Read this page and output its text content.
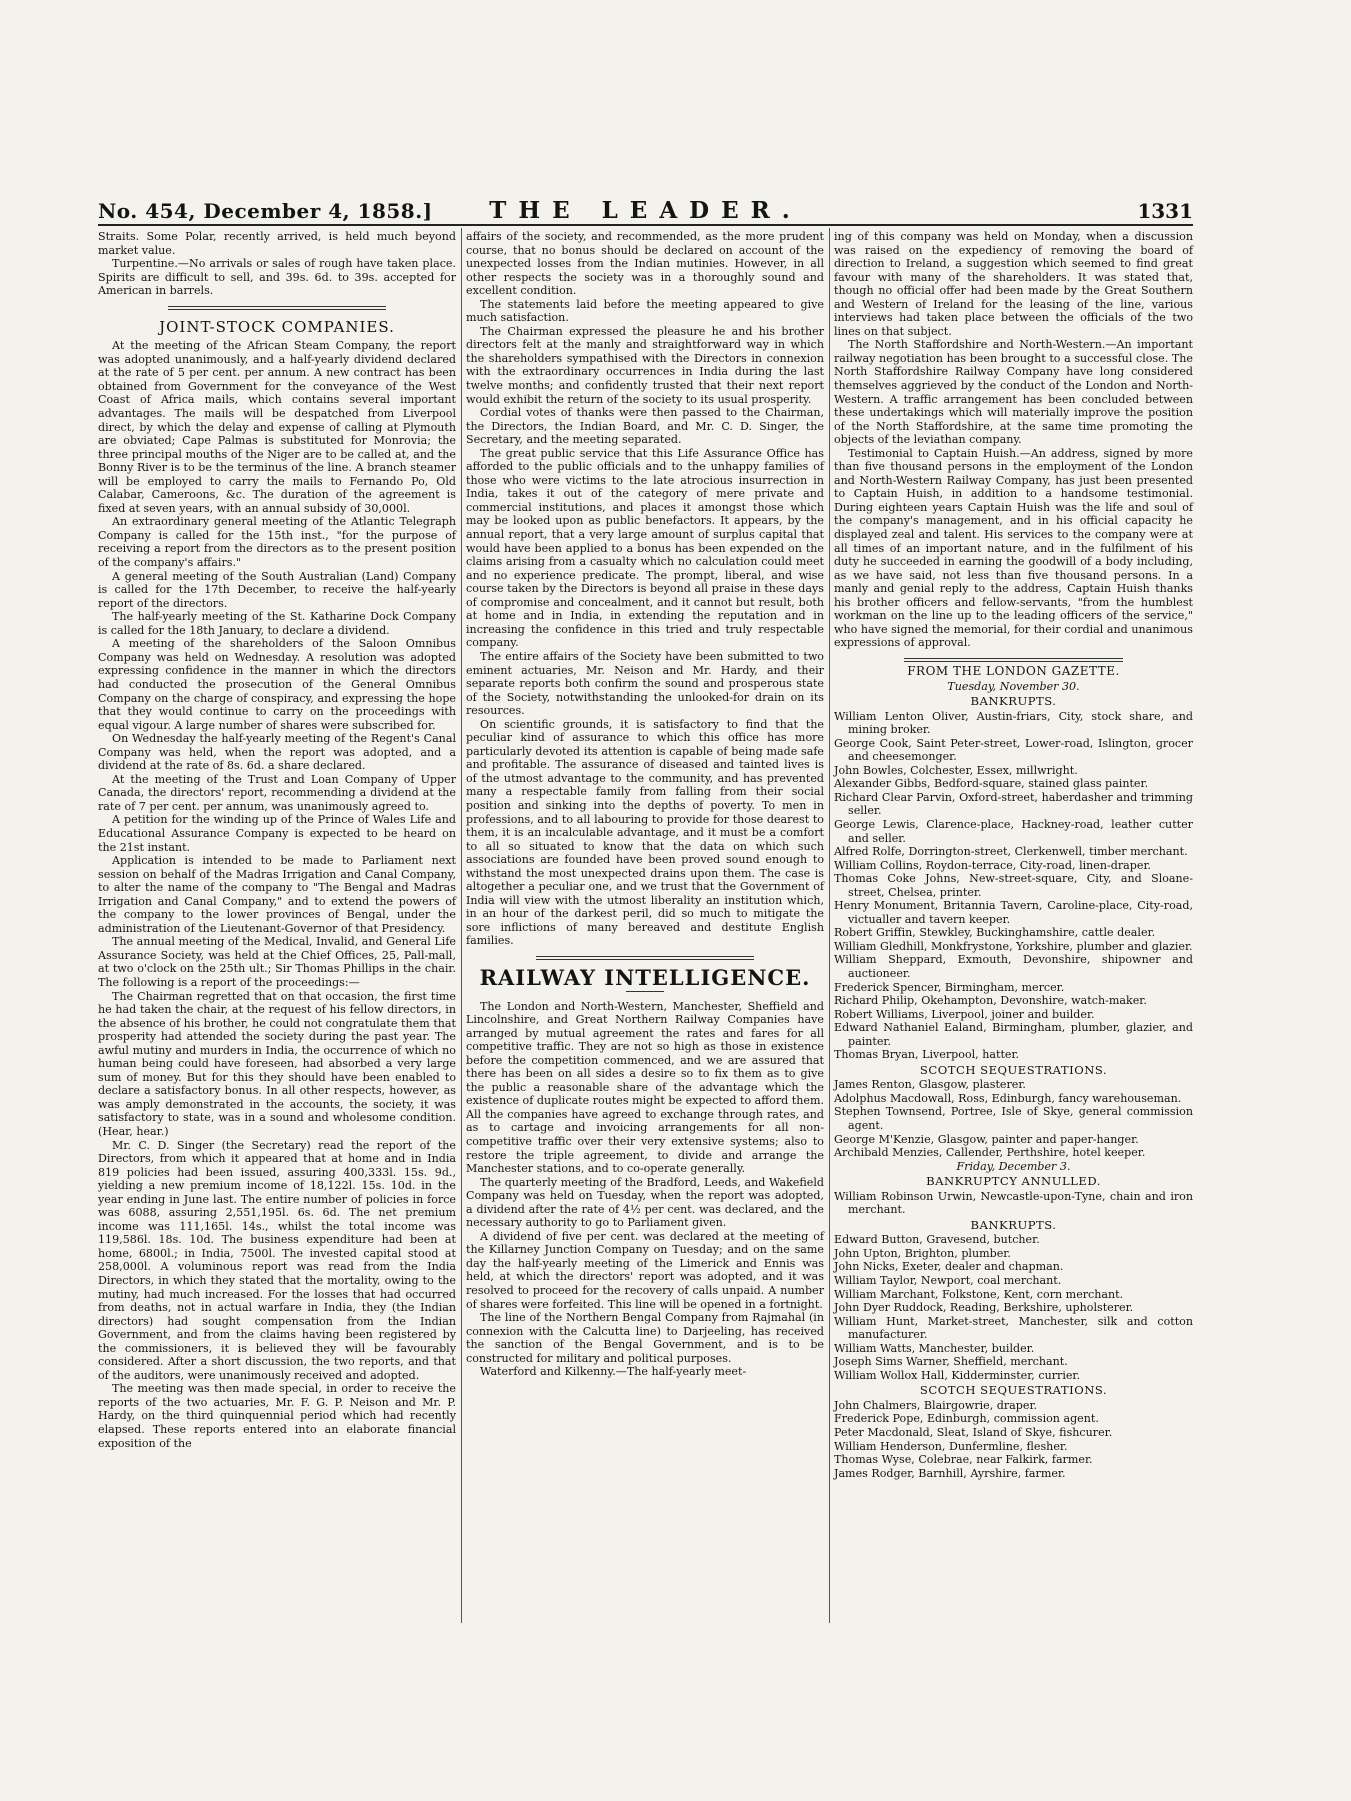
No. 454, December 4, 1858.]	THE LEADER.	1331

Straits. Some Polar, recently arrived, is held much beyond market value.

Turpentine.—No arrivals or sales of rough have taken place. Spirits are difficult to sell, and 39s. 6d. to 39s. accepted for American in barrels.

JOINT-STOCK COMPANIES.

At the meeting of the African Steam Company, the report was adopted unanimously, and a half-yearly dividend declared at the rate of 5 per cent. per annum. A new contract has been obtained from Government for the conveyance of the West Coast of Africa mails, which contains several important advantages. The mails will be despatched from Liverpool direct, by which the delay and expense of calling at Plymouth are obviated; Cape Palmas is substituted for Monrovia; the three principal mouths of the Niger are to be called at, and the Bonny River is to be the terminus of the line. A branch steamer will be employed to carry the mails to Fernando Po, Old Calabar, Cameroons, &c. The duration of the agreement is fixed at seven years, with an annual subsidy of 30,000l.

An extraordinary general meeting of the Atlantic Telegraph Company is called for the 15th inst., "for the purpose of receiving a report from the directors as to the present position of the company's affairs."

A general meeting of the South Australian (Land) Company is called for the 17th December, to receive the half-yearly report of the directors.

The half-yearly meeting of the St. Katharine Dock Company is called for the 18th January, to declare a dividend.

A meeting of the shareholders of the Saloon Omnibus Company was held on Wednesday. A resolution was adopted expressing confidence in the manner in which the directors had conducted the prosecution of the General Omnibus Company on the charge of conspiracy, and expressing the hope that they would continue to carry on the proceedings with equal vigour. A large number of shares were subscribed for.

On Wednesday the half-yearly meeting of the Regent's Canal Company was held, when the report was adopted, and a dividend at the rate of 8s. 6d. a share declared.

At the meeting of the Trust and Loan Company of Upper Canada, the directors' report, recommending a dividend at the rate of 7 per cent. per annum, was unanimously agreed to.

A petition for the winding up of the Prince of Wales Life and Educational Assurance Company is expected to be heard on the 21st instant.

Application is intended to be made to Parliament next session on behalf of the Madras Irrigation and Canal Company, to alter the name of the company to "The Bengal and Madras Irrigation and Canal Company," and to extend the powers of the company to the lower provinces of Bengal, under the administration of the Lieutenant-Governor of that Presidency.

The annual meeting of the Medical, Invalid, and General Life Assurance Society, was held at the Chief Offices, 25, Pall-mall, at two o'clock on the 25th ult.; Sir Thomas Phillips in the chair. The following is a report of the proceedings:—

The Chairman regretted that on that occasion, the first time he had taken the chair, at the request of his fellow directors, in the absence of his brother, he could not congratulate them that prosperity had attended the society during the past year. The awful mutiny and murders in India, the occurrence of which no human being could have foreseen, had absorbed a very large sum of money. But for this they should have been enabled to declare a satisfactory bonus. In all other respects, however, as was amply demonstrated in the accounts, the society, it was satisfactory to state, was in a sound and wholesome condition. (Hear, hear.)

Mr. C. D. Singer (the Secretary) read the report of the Directors, from which it appeared that at home and in India 819 policies had been issued, assuring 400,333l. 15s. 9d., yielding a new premium income of 18,122l. 15s. 10d. in the year ending in June last. The entire number of policies in force was 6088, assuring 2,551,195l. 6s. 6d. The net premium income was 111,165l. 14s., whilst the total income was 119,586l. 18s. 10d. The business expenditure had been at home, 6800l.; in India, 7500l. The invested capital stood at 258,000l. A voluminous report was read from the India Directors, in which they stated that the mortality, owing to the mutiny, had much increased. For the losses that had occurred from deaths, not in actual warfare in India, they (the Indian directors) had sought compensation from the Indian Government, and from the claims having been registered by the commissioners, it is believed they will be favourably considered. After a short discussion, the two reports, and that of the auditors, were unanimously received and adopted.

The meeting was then made special, in order to receive the reports of the two actuaries, Mr. F. G. P. Neison and Mr. P. Hardy, on the third quinquennial period which had recently elapsed. These reports entered into an elaborate financial exposition of the

affairs of the society, and recommended, as the more prudent course, that no bonus should be declared on account of the unexpected losses from the Indian mutinies. However, in all other respects the society was in a thoroughly sound and excellent condition.

The statements laid before the meeting appeared to give much satisfaction.

The Chairman expressed the pleasure he and his brother directors felt at the manly and straightforward way in which the shareholders sympathised with the Directors in connexion with the extraordinary occurrences in India during the last twelve months; and confidently trusted that their next report would exhibit the return of the society to its usual prosperity.

Cordial votes of thanks were then passed to the Chairman, the Directors, the Indian Board, and Mr. C. D. Singer, the Secretary, and the meeting separated.

The great public service that this Life Assurance Office has afforded to the public officials and to the unhappy families of those who were victims to the late atrocious insurrection in India, takes it out of the category of mere private and commercial institutions, and places it amongst those which may be looked upon as public benefactors. It appears, by the annual report, that a very large amount of surplus capital that would have been applied to a bonus has been expended on the claims arising from a casualty which no calculation could meet and no experience predicate. The prompt, liberal, and wise course taken by the Directors is beyond all praise in these days of compromise and concealment, and it cannot but result, both at home and in India, in extending the reputation and in increasing the confidence in this tried and truly respectable company.

The entire affairs of the Society have been submitted to two eminent actuaries, Mr. Neison and Mr. Hardy, and their separate reports both confirm the sound and prosperous state of the Society, notwithstanding the unlooked-for drain on its resources.

On scientific grounds, it is satisfactory to find that the peculiar kind of assurance to which this office has more particularly devoted its attention is capable of being made safe and profitable. The assurance of diseased and tainted lives is of the utmost advantage to the community, and has prevented many a respectable family from falling from their social position and sinking into the depths of poverty. To men in professions, and to all labouring to provide for those dearest to them, it is an incalculable advantage, and it must be a comfort to all so situated to know that the data on which such associations are founded have been proved sound enough to withstand the most unexpected drains upon them. The case is altogether a peculiar one, and we trust that the Government of India will view with the utmost liberality an institution which, in an hour of the darkest peril, did so much to mitigate the sore inflictions of many bereaved and destitute English families.

RAILWAY INTELLIGENCE.

The London and North-Western, Manchester, Sheffield and Lincolnshire, and Great Northern Railway Companies have arranged by mutual agreement the rates and fares for all competitive traffic. They are not so high as those in existence before the competition commenced, and we are assured that there has been on all sides a desire so to fix them as to give the public a reasonable share of the advantage which the existence of duplicate routes might be expected to afford them. All the companies have agreed to exchange through rates, and as to cartage and invoicing arrangements for all non-competitive traffic over their very extensive systems; also to restore the triple agreement, to divide and arrange the Manchester stations, and to co-operate generally.

The quarterly meeting of the Bradford, Leeds, and Wakefield Company was held on Tuesday, when the report was adopted, a dividend after the rate of 4½ per cent. was declared, and the necessary authority to go to Parliament given.

A dividend of five per cent. was declared at the meeting of the Killarney Junction Company on Tuesday; and on the same day the half-yearly meeting of the Limerick and Ennis was held, at which the directors' report was adopted, and it was resolved to proceed for the recovery of calls unpaid. A number of shares were forfeited. This line will be opened in a fortnight.

The line of the Northern Bengal Company from Rajmahal (in connexion with the Calcutta line) to Darjeeling, has received the sanction of the Bengal Government, and is to be constructed for military and political purposes.

Waterford and Kilkenny.—The half-yearly meet-

ing of this company was held on Monday, when a discussion was raised on the expediency of removing the board of direction to Ireland, a suggestion which seemed to find great favour with many of the shareholders. It was stated that, though no official offer had been made by the Great Southern and Western of Ireland for the leasing of the line, various interviews had taken place between the officials of the two lines on that subject.

The North Staffordshire and North-Western.—An important railway negotiation has been brought to a successful close. The North Staffordshire Railway Company have long considered themselves aggrieved by the conduct of the London and North-Western. A traffic arrangement has been concluded between these undertakings which will materially improve the position of the North Staffordshire, at the same time promoting the objects of the leviathan company.

Testimonial to Captain Huish.—An address, signed by more than five thousand persons in the employment of the London and North-Western Railway Company, has just been presented to Captain Huish, in addition to a handsome testimonial. During eighteen years Captain Huish was the life and soul of the company's management, and in his official capacity he displayed zeal and talent. His services to the company were at all times of an important nature, and in the fulfilment of his duty he succeeded in earning the goodwill of a body including, as we have said, not less than five thousand persons. In a manly and genial reply to the address, Captain Huish thanks his brother officers and fellow-servants, "from the humblest workman on the line up to the leading officers of the service," who have signed the memorial, for their cordial and unanimous expressions of approval.

FROM THE LONDON GAZETTE.
Tuesday, November 30.
BANKRUPTS.

William Lenton Oliver, Austin-friars, City, stock share, and mining broker.

George Cook, Saint Peter-street, Lower-road, Islington, grocer and cheesemonger.

John Bowles, Colchester, Essex, millwright.

Alexander Gibbs, Bedford-square, stained glass painter.

Richard Clear Parvin, Oxford-street, haberdasher and trimming seller.

George Lewis, Clarence-place, Hackney-road, leather cutter and seller.

Alfred Rolfe, Dorrington-street, Clerkenwell, timber merchant.

William Collins, Roydon-terrace, City-road, linen-draper.

Thomas Coke Johns, New-street-square, City, and Sloane-street, Chelsea, printer.

Henry Monument, Britannia Tavern, Caroline-place, City-road, victualler and tavern keeper.

Robert Griffin, Stewkley, Buckinghamshire, cattle dealer.

William Gledhill, Monkfrystone, Yorkshire, plumber and glazier.

William Sheppard, Exmouth, Devonshire, shipowner and auctioneer.

Frederick Spencer, Birmingham, mercer.

Richard Philip, Okehampton, Devonshire, watch-maker.

Robert Williams, Liverpool, joiner and builder.

Edward Nathaniel Ealand, Birmingham, plumber, glazier, and painter.

Thomas Bryan, Liverpool, hatter.

SCOTCH SEQUESTRATIONS.

James Renton, Glasgow, plasterer.

Adolphus Macdowall, Ross, Edinburgh, fancy warehouseman.

Stephen Townsend, Portree, Isle of Skye, general commission agent.

George M'Kenzie, Glasgow, painter and paper-hanger.

Archibald Menzies, Callender, Perthshire, hotel keeper.

Friday, December 3.
BANKRUPTCY ANNULLED.

William Robinson Urwin, Newcastle-upon-Tyne, chain and iron merchant.

BANKRUPTS.

Edward Button, Gravesend, butcher.

John Upton, Brighton, plumber.

John Nicks, Exeter, dealer and chapman.

William Taylor, Newport, coal merchant.

William Marchant, Folkstone, Kent, corn merchant.

John Dyer Ruddock, Reading, Berkshire, upholsterer.

William Hunt, Market-street, Manchester, silk and cotton manufacturer.

William Watts, Manchester, builder.

Joseph Sims Warner, Sheffield, merchant.

William Wollox Hall, Kidderminster, currier.

SCOTCH SEQUESTRATIONS.

John Chalmers, Blairgowrie, draper.

Frederick Pope, Edinburgh, commission agent.

Peter Macdonald, Sleat, Island of Skye, fishcurer.

William Henderson, Dunfermline, flesher.

Thomas Wyse, Colebrae, near Falkirk, farmer.

James Rodger, Barnhill, Ayrshire, farmer.
